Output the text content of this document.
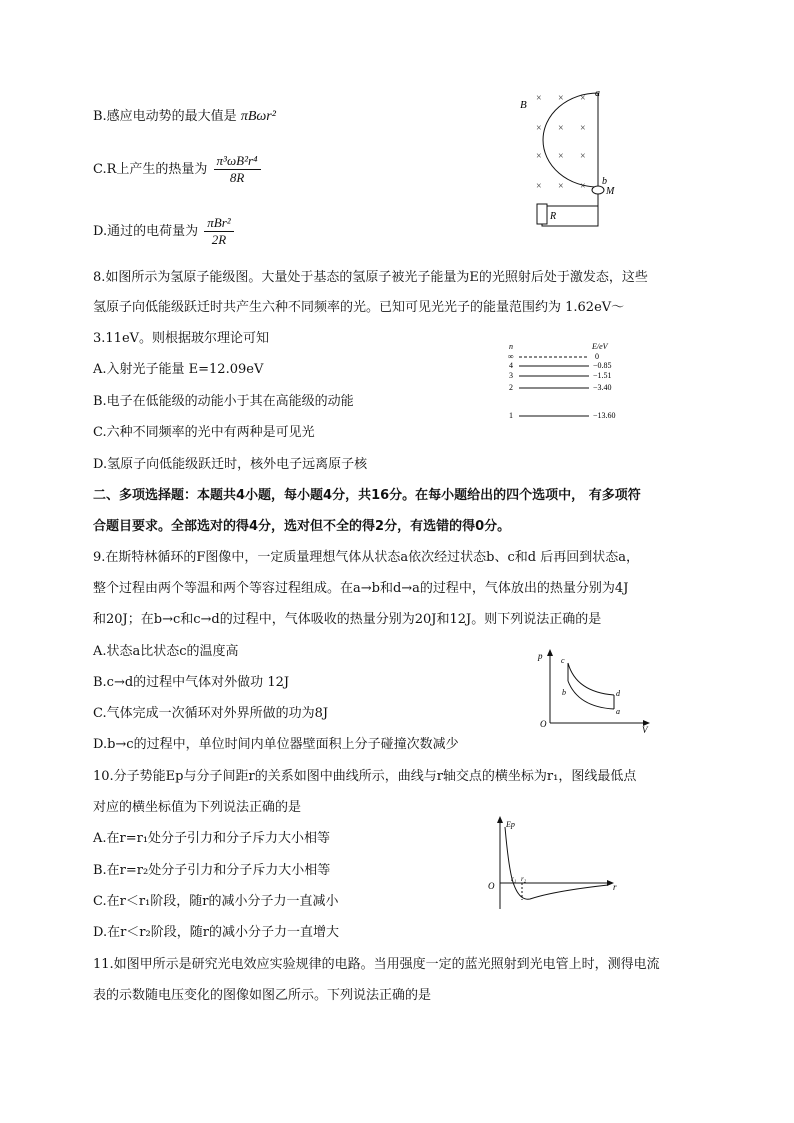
B.感应电动势的最大值是 πBωr²
C.R上产生的热量为 $\frac{\text{π³ωB²r⁴}}{8R}$
D.通过的电荷量为 $\frac{\text{πBr²}}{2R}$
× × ×
× × ×
× × ×
× × ×
B
a
b
M
R
8.如图所示为氢原子能级图。大量处于基态的氢原子被光子能量为E的光照射后处于激发态，这些
氢原子向低能级跃迁时共产生六种不同频率的光。已知可见光光子的能量范围约为 1.62eV～
3.11eV。则根据玻尔理论可知
A.入射光子能量 E=12.09eV
B.电子在低能级的动能小于其在高能级的动能
C.六种不同频率的光中有两种是可见光
D.氢原子向低能级跃迁时，核外电子远离原子核
n	E/eV
∞	0
4	−0.85
3	−1.51
2	−3.40
1	−13.60
二、多项选择题：本题共4小题，每小题4分，共16分。在每小题给出的四个选项中， 有多项符
合题目要求。全部选对的得4分，选对但不全的得2分，有选错的得0分。
9.在斯特林循环的F图像中，一定质量理想气体从状态a依次经过状态b、c和d 后再回到状态a，
整个过程由两个等温和两个等容过程组成。在a→b和d→a的过程中，气体放出的热量分别为4J
和20J；在b→c和c→d的过程中，气体吸收的热量分别为20J和12J。则下列说法正确的是
A.状态a比状态c的温度高
B.c→d的过程中气体对外做功 12J
C.气体完成一次循环对外界所做的功为8J
D.b→c的过程中，单位时间内单位器壁面积上分子碰撞次数减少
p
V
O
c
b	d
a
10.分子势能Ep与分子间距r的关系如图中曲线所示，曲线与r轴交点的横坐标为r₁，图线最低点
对应的横坐标值为下列说法正确的是
A.在r=r₁处分子引力和分子斥力大小相等
B.在r=r₂处分子引力和分子斥力大小相等
C.在r＜r₁阶段，随r的减小分子力一直减小
D.在r＜r₂阶段，随r的减小分子力一直增大
Ep
O	r
r₁ r₂
11.如图甲所示是研究光电效应实验规律的电路。当用强度一定的蓝光照射到光电管上时，测得电流
表的示数随电压变化的图像如图乙所示。下列说法正确的是
